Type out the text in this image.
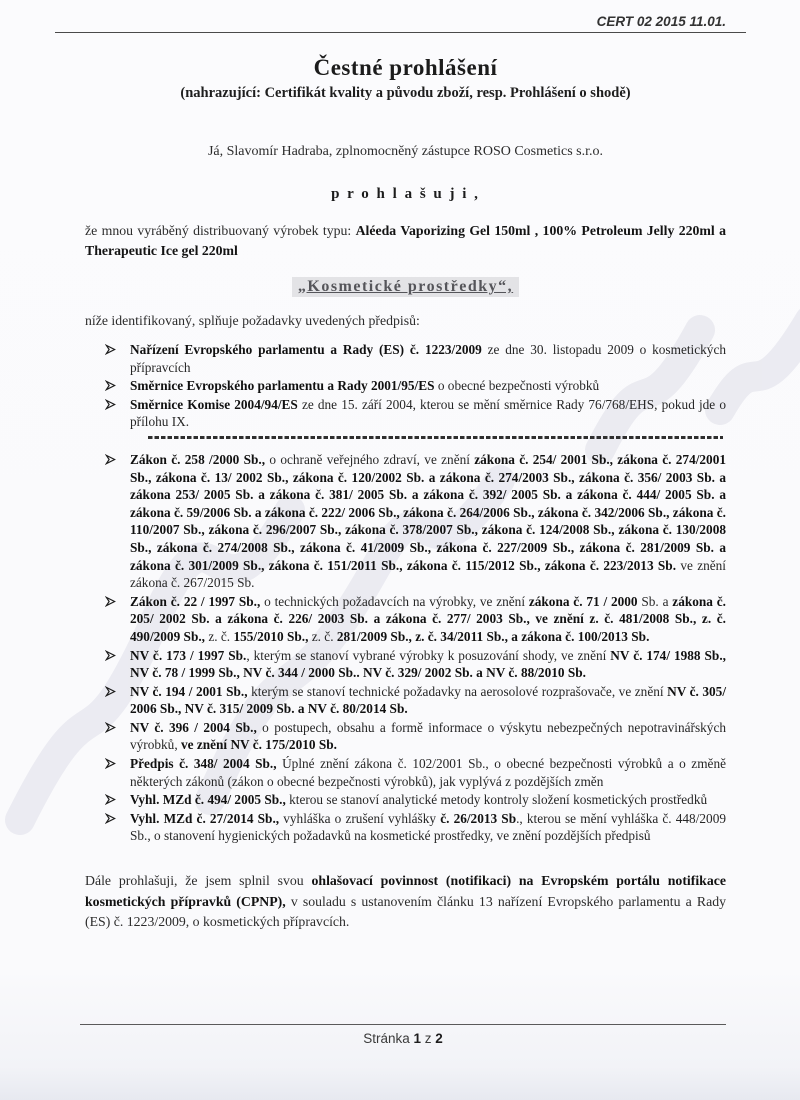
CERT 02 2015 11.01.
Čestné prohlášení
(nahrazující: Certifikát kvality a původu zboží, resp. Prohlášení o shodě)
Já, Slavomír Hadraba, zplnomocněný zástupce ROSO Cosmetics s.r.o.
p r o h l a š u j i ,
že mnou vyráběný distribuovaný výrobek typu: Aléeda Vaporizing Gel 150ml , 100% Petroleum Jelly 220ml a Therapeutic Ice gel 220ml
„Kosmetické prostředky“,
níže identifikovaný, splňuje požadavky uvedených předpisů:
Nařízení Evropského parlamentu a Rady (ES) č. 1223/2009 ze dne 30. listopadu 2009 o kosmetických přípravcích
Směrnice Evropského parlamentu a Rady 2001/95/ES o obecné bezpečnosti výrobků
Směrnice Komise 2004/94/ES ze dne 15. září 2004, kterou se mění směrnice Rady 76/768/EHS, pokud jde o přílohu IX.
Zákon č. 258 /2000 Sb., o ochraně veřejného zdraví, ve znění zákona č. 254/ 2001 Sb., zákona č. 274/2001 Sb., zákona č. 13/ 2002 Sb., zákona č. 120/2002 Sb. a zákona č. 274/2003 Sb., zákona č. 356/ 2003 Sb. a zákona 253/ 2005 Sb. a zákona č. 381/ 2005 Sb. a zákona č. 392/ 2005 Sb. a zákona č. 444/ 2005 Sb. a zákona č. 59/2006 Sb. a zákona č. 222/ 2006 Sb., zákona č. 264/2006 Sb., zákona č. 342/2006 Sb., zákona č. 110/2007 Sb., zákona č. 296/2007 Sb., zákona č. 378/2007 Sb., zákona č. 124/2008 Sb., zákona č. 130/2008 Sb., zákona č. 274/2008 Sb., zákona č. 41/2009 Sb., zákona č. 227/2009 Sb., zákona č. 281/2009 Sb. a zákona č. 301/2009 Sb., zákona č. 151/2011 Sb., zákona č. 115/2012 Sb., zákona č. 223/2013 Sb. ve znění zákona č. 267/2015 Sb.
Zákon č. 22 / 1997 Sb., o technických požadavcích na výrobky, ve znění zákona č. 71 / 2000 Sb. a zákona č. 205/ 2002 Sb. a zákona č. 226/ 2003 Sb. a zákona č. 277/ 2003 Sb., ve znění z. č. 481/2008 Sb., z. č. 490/2009 Sb., z. č. 155/2010 Sb., z. č. 281/2009 Sb., z. č. 34/2011 Sb., a zákona č. 100/2013 Sb.
NV č. 173 / 1997 Sb., kterým se stanoví vybrané výrobky k posuzování shody, ve znění NV č. 174/ 1988 Sb., NV č. 78 / 1999 Sb., NV č. 344 / 2000 Sb.. NV č. 329/ 2002 Sb. a NV č. 88/2010 Sb.
NV č. 194 / 2001 Sb., kterým se stanoví technické požadavky na aerosolové rozprašovače, ve znění NV č. 305/ 2006 Sb., NV č. 315/ 2009 Sb. a NV č. 80/2014 Sb.
NV č. 396 / 2004 Sb., o postupech, obsahu a formě informace o výskytu nebezpečných nepotravinářských výrobků, ve znění NV č. 175/2010 Sb.
Předpis č. 348/ 2004 Sb., Úplné znění zákona č. 102/2001 Sb., o obecné bezpečnosti výrobků a o změně některých zákonů (zákon o obecné bezpečnosti výrobků), jak vyplývá z pozdějších změn
Vyhl. MZd č. 494/ 2005 Sb., kterou se stanoví analytické metody kontroly složení kosmetických prostředků
Vyhl. MZd č. 27/2014 Sb., vyhláška o zrušení vyhlášky č. 26/2013 Sb., kterou se mění vyhláška č. 448/2009 Sb., o stanovení hygienických požadavků na kosmetické prostředky, ve znění pozdějších předpisů
Dále prohlašuji, že jsem splnil svou ohlašovací povinnost (notifikaci) na Evropském portálu notifikace kosmetických přípravků (CPNP), v souladu s ustanovením článku 13 nařízení Evropského parlamentu a Rady (ES) č. 1223/2009, o kosmetických přípravcích.
Stránka 1 z 2
